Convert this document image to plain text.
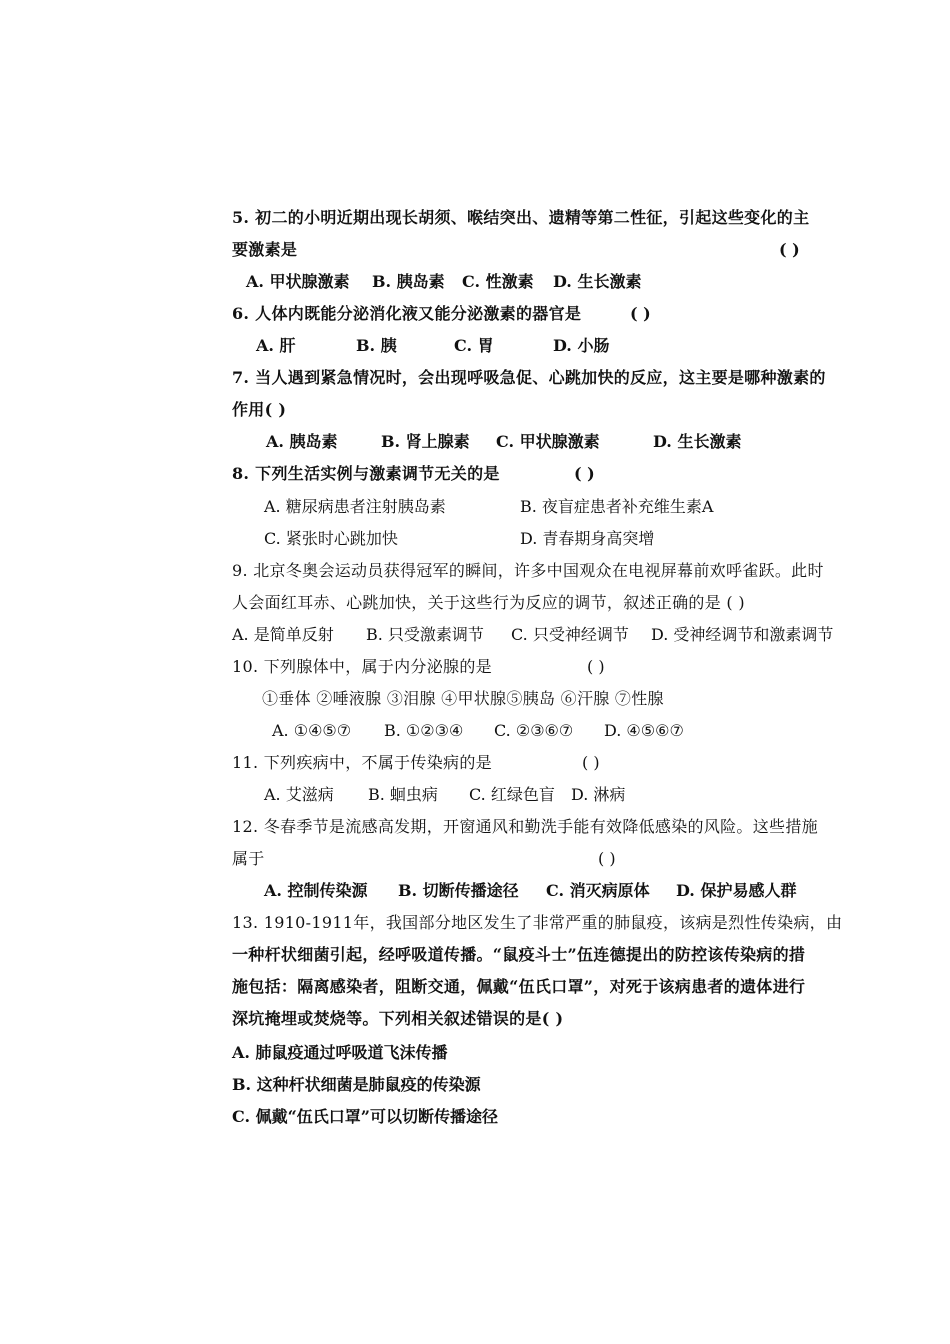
5. 初二的小明近期出现长胡须、喉结突出、遗精等第二性征，引起这些变化的主
要激素是	( )
A. 甲状腺激素 B. 胰岛素 C. 性激素 D. 生长激素
6. 人体内既能分泌消化液又能分泌激素的器官是	( )
A. 肝	B. 胰	C. 胃	D. 小肠
7. 当人遇到紧急情况时，会出现呼吸急促、心跳加快的反应，这主要是哪种激素的
作用( )
A. 胰岛素	B. 肾上腺素 C. 甲状腺激素	D. 生长激素
8. 下列生活实例与激素调节无关的是	( )
A. 糖尿病患者注射胰岛素	B. 夜盲症患者补充维生素A
C. 紧张时心跳加快	D. 青春期身高突增
9. 北京冬奥会运动员获得冠军的瞬间，许多中国观众在电视屏幕前欢呼雀跃。此时
人会面红耳赤、心跳加快，关于这些行为反应的调节，叙述正确的是 ( )
A. 是简单反射 B. 只受激素调节 C. 只受神经调节 D. 受神经调节和激素调节
10. 下列腺体中，属于内分泌腺的是	( )
①垂体 ②唾液腺 ③泪腺 ④甲状腺⑤胰岛 ⑥汗腺 ⑦性腺
A. ①④⑤⑦ B. ①②③④ C. ②③⑥⑦ D. ④⑤⑥⑦
11. 下列疾病中，不属于传染病的是	( )
A. 艾滋病 B. 蛔虫病 C. 红绿色盲 D. 淋病
12. 冬春季节是流感高发期，开窗通风和勤洗手能有效降低感染的风险。这些措施
属于	( )
A. 控制传染源 B. 切断传播途径 C. 消灭病原体 D. 保护易感人群
13. 1910-1911年，我国部分地区发生了非常严重的肺鼠疫，该病是烈性传染病，由
一种杆状细菌引起，经呼吸道传播。“鼠疫斗士”伍连德提出的防控该传染病的措
施包括：隔离感染者，阻断交通，佩戴“伍氏口罩”，对死于该病患者的遗体进行
深坑掩埋或焚烧等。下列相关叙述错误的是( )
A. 肺鼠疫通过呼吸道飞沫传播
B. 这种杆状细菌是肺鼠疫的传染源
C. 佩戴“伍氏口罩”可以切断传播途径
